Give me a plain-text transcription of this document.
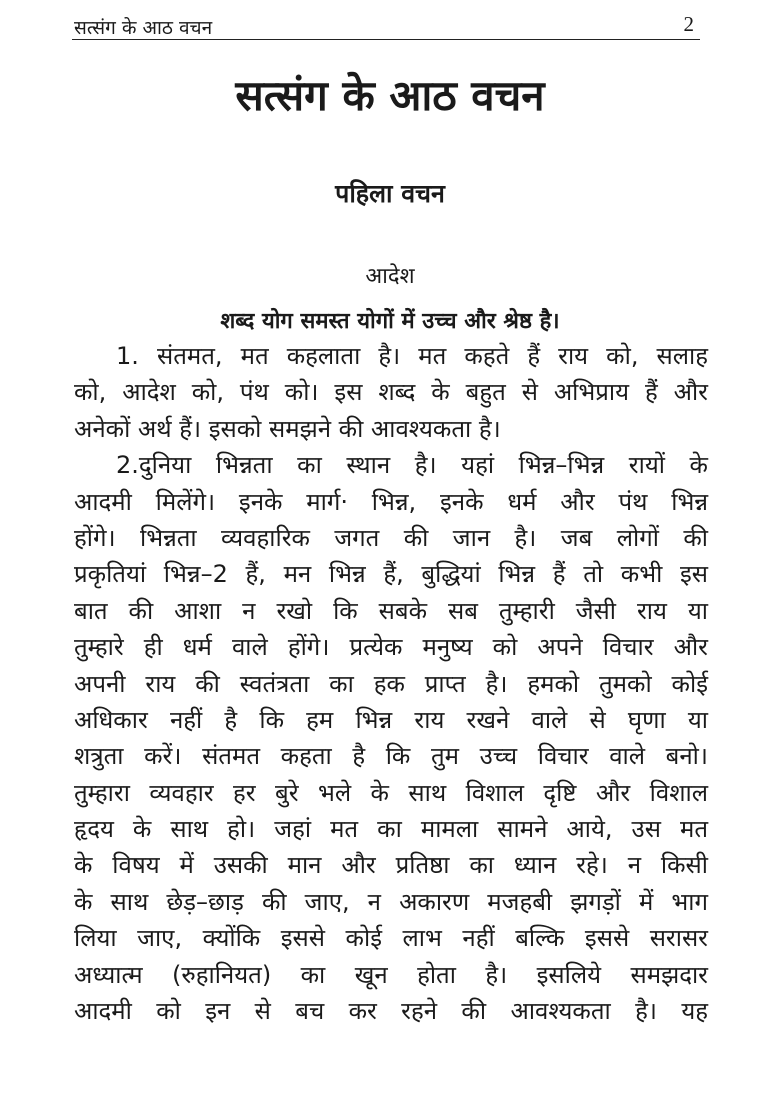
सत्संग के आठ वचन	2
सत्संग के आठ वचन
पहिला वचन
आदेश
शब्द योग समस्त योगों में उच्च और श्रेष्ठ है।
1. संतमत, मत कहलाता है। मत कहते हैं राय को, सलाह
को, आदेश को, पंथ को। इस शब्द के बहुत से अभिप्राय हैं और
अनेकों अर्थ हैं। इसको समझने की आवश्यकता है।
2.दुनिया भिन्नता का स्थान है। यहां भिन्न–भिन्न रायों के
आदमी मिलेंगे। इनके मार्ग· भिन्न, इनके धर्म और पंथ भिन्न
होंगे। भिन्नता व्यवहारिक जगत की जान है। जब लोगों की
प्रकृतियां भिन्न–2 हैं, मन भिन्न हैं, बुद्धियां भिन्न हैं तो कभी इस
बात की आशा न रखो कि सबके सब तुम्हारी जैसी राय या
तुम्हारे ही धर्म वाले होंगे। प्रत्येक मनुष्य को अपने विचार और
अपनी राय की स्वतंत्रता का हक प्राप्त है। हमको तुमको कोई
अधिकार नहीं है कि हम भिन्न राय रखने वाले से घृणा या
शत्रुता करें। संतमत कहता है कि तुम उच्च विचार वाले बनो।
तुम्हारा व्यवहार हर बुरे भले के साथ विशाल दृष्टि और विशाल
हृदय के साथ हो। जहां मत का मामला सामने आये, उस मत
के विषय में उसकी मान और प्रतिष्ठा का ध्यान रहे। न किसी
के साथ छेड़–छाड़ की जाए, न अकारण मजहबी झगड़ों में भाग
लिया जाए, क्योंकि इससे कोई लाभ नहीं बल्कि इससे सरासर
अध्यात्म (रुहानियत) का खून होता है। इसलिये समझदार
आदमी को इन से बच कर रहने की आवश्यकता है। यह
